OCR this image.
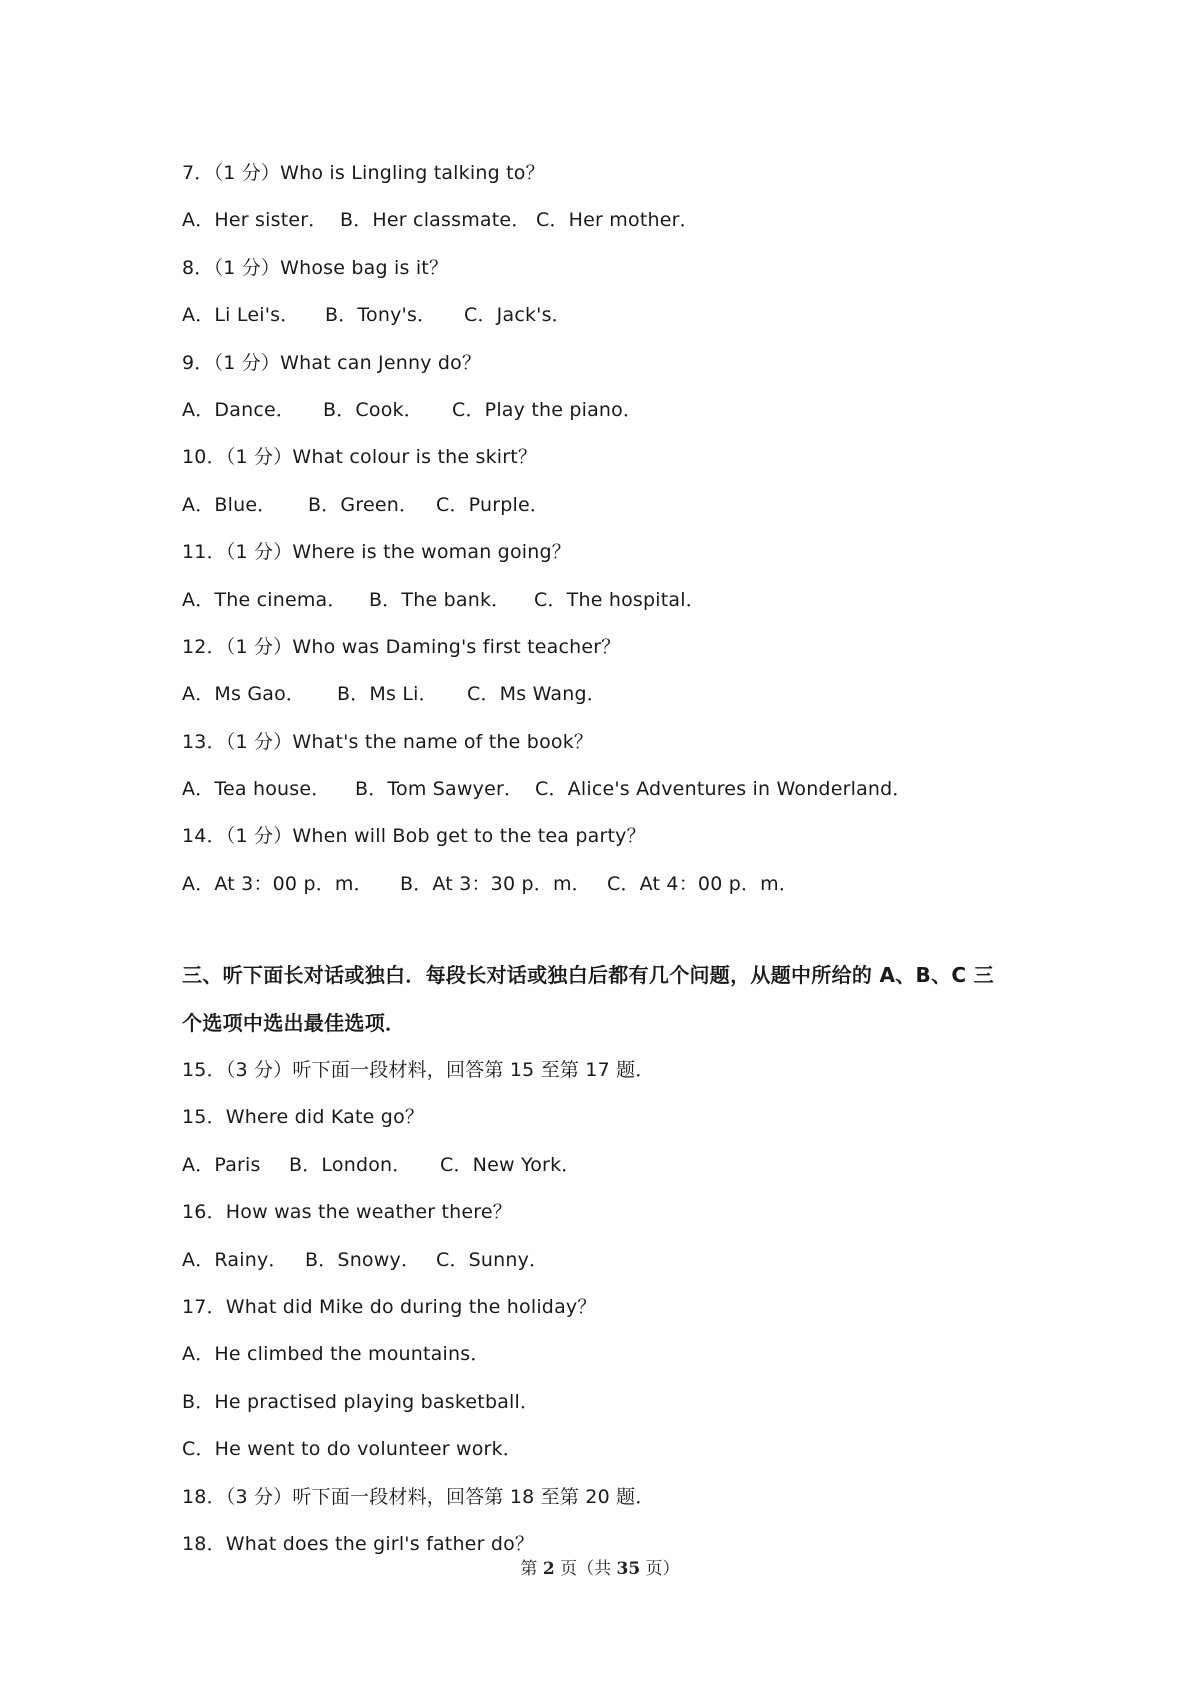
7．（1 分）Who is Lingling talking to？
A．Her sister． B．Her classmate． C．Her mother．
8．（1 分）Whose bag is it？
A．Li Lei's． B．Tony's． C．Jack's．
9．（1 分）What can Jenny do？
A．Dance． B．Cook． C．Play the piano．
10．（1 分）What colour is the skirt？
A．Blue． B．Green． C．Purple．
11．（1 分）Where is the woman going？
A．The cinema． B．The bank． C．The hospital．
12．（1 分）Who was Daming's first teacher？
A．Ms Gao． B．Ms Li． C．Ms Wang．
13．（1 分）What's the name of the book？
A．Tea house． B．Tom Sawyer． C．Alice's Adventures in Wonderland．
14．（1 分）When will Bob get to the tea party？
A．At 3：00 p．m． B．At 3：30 p．m． C．At 4：00 p．m．
三、听下面长对话或独白．每段长对话或独白后都有几个问题，从题中所给的 A、B、C 三
个选项中选出最佳选项．
15．（3 分）听下面一段材料，回答第 15 至第 17 题．
15．Where did Kate go？
A．Paris B．London． C．New York．
16．How was the weather there？
A．Rainy． B．Snowy． C．Sunny．
17．What did Mike do during the holiday？
A．He climbed the mountains．
B．He practised playing basketball．
C．He went to do volunteer work．
18．（3 分）听下面一段材料，回答第 18 至第 20 题．
18．What does the girl's father do？
第 2 页（共 35 页）
